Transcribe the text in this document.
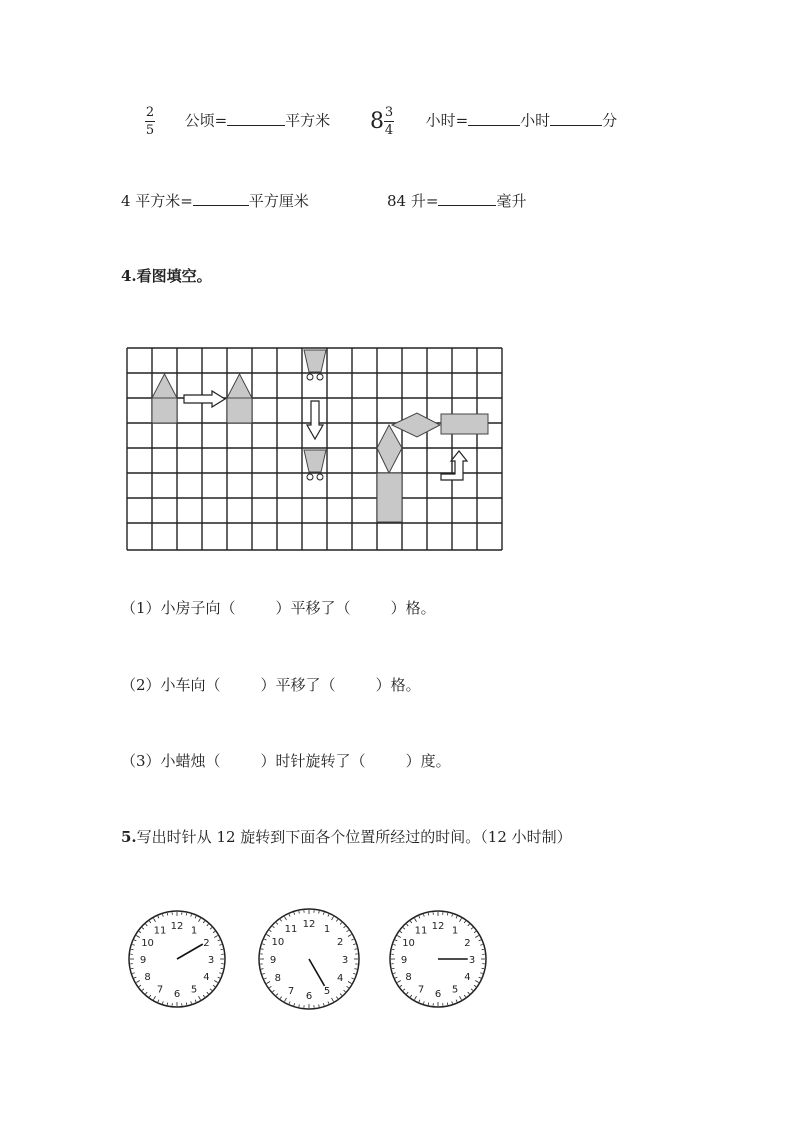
$\frac{2}{5}$ 公顷=	平方米 $8 \frac{3}{4}$ 小时=	小时	分
4 平方米=	平方厘米	84 升=	毫升
4.看图填空。
（1）小房子向（	）平移了（	）格。
（2）小车向（	）平移了（	）格。
（3）小蜡烛（	）时针旋转了（	）度。
5.写出时针从 12 旋转到下面各个位置所经过的时间。（12 小时制）
12 1
2
3
4
5
6
7
8
9
10
11
12 1
2
3
4
5
6
7
8
9
10
11	12 1
2
3
4
5
6
7
8
9
10
11
